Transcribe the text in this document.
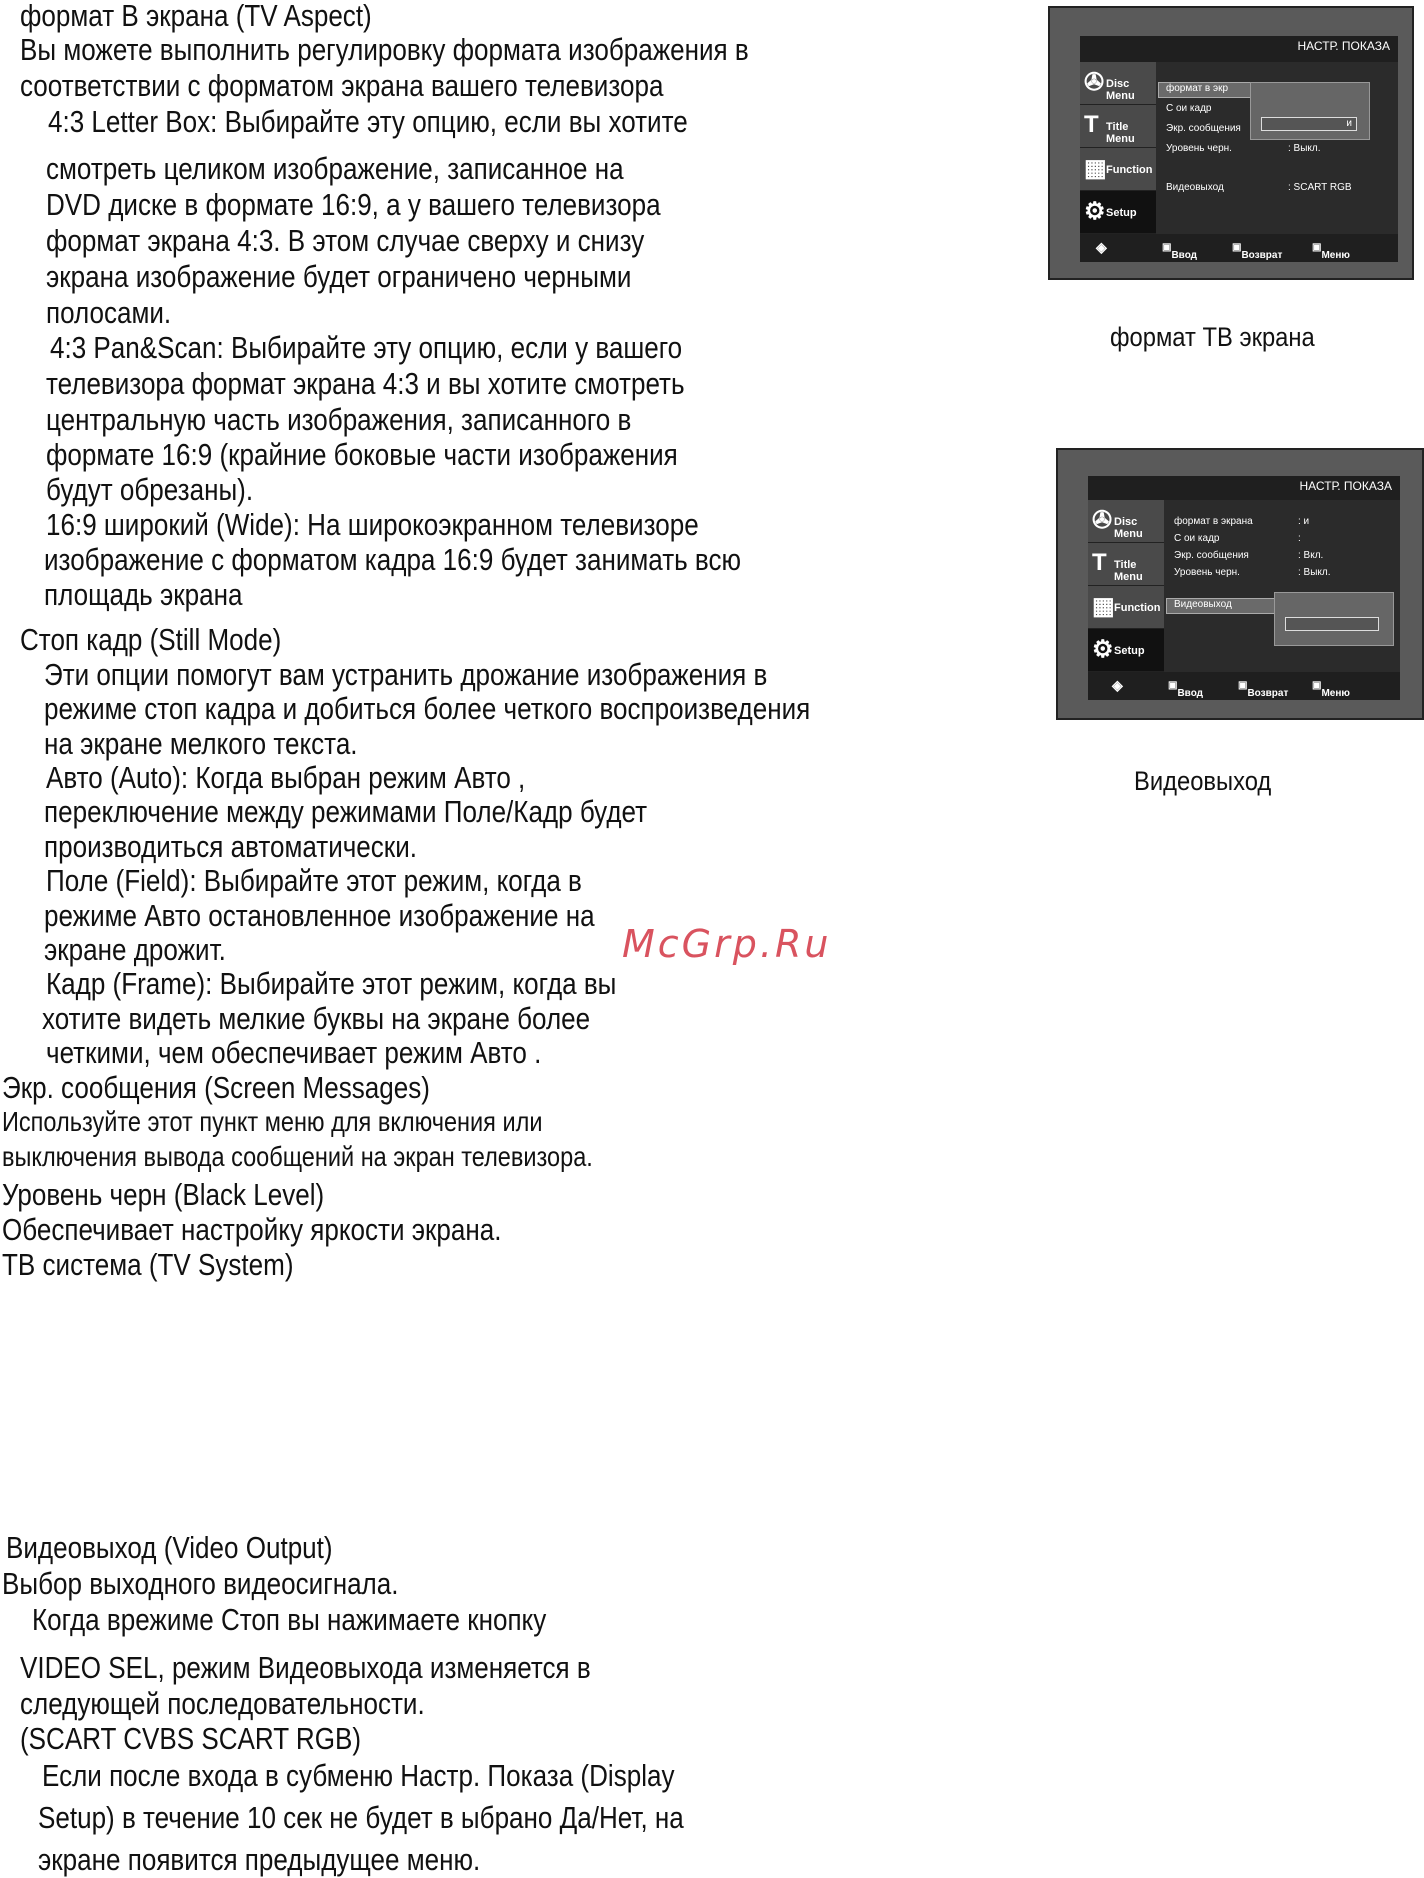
формат В экрана (TV Aspect)
Вы можете выполнить регулировку формата изображения в
соответствии с форматом экрана вашего телевизора
4:3 Letter Box: Выбирайте эту опцию, если вы хотите
смотреть целиком изображение, записанное на
DVD диске в формате 16:9, а у вашего телевизора
формат экрана 4:3. В этом случае сверху и снизу
экрана изображение будет ограничено черными
полосами.
4:3 Pan&Scan: Выбирайте эту опцию, если у вашего
телевизора формат экрана 4:3 и вы хотите смотреть
центральную часть изображения, записанного в
формате 16:9 (крайние боковые части изображения
будут обрезаны).
16:9 широкий (Wide): На широкоэкранном телевизоре
изображение с форматом кадра 16:9 будет занимать всю
площадь экрана
Стоп кадр (Still Mode)
Эти опции помогут вам устранить дрожание изображения в
режиме стоп кадра и добиться более четкого воспроизведения
на экране мелкого текста.
Авто (Auto): Когда выбран режим Авто ,
переключение между режимами Поле/Кадр будет
производиться автоматически.
Поле (Field): Выбирайте этот режим, когда в
режиме Авто остановленное изображение на
экране дрожит.
Кадр (Frame): Выбирайте этот режим, когда вы
хотите видеть мелкие буквы на экране более
четкими, чем обеспечивает режим Авто .
Экр. сообщения (Screen Messages)
Используйте этот пункт меню для включения или
выключения вывода сообщений на экран телевизора.
Уровень черн (Black Level)
Обеспечивает настройку яркости экрана.
ТВ система (TV System)
Видеовыход (Video Output)
Выбор выходного видеосигнала.
Когда врежиме Стоп вы нажимаете кнопку
VIDEO SEL, режим Видеовыхода изменяется в
следующей последовательности.
(SCART CVBS SCART RGB)
Если после входа в субменю Настр. Показа (Display
Setup) в течение 10 сек не будет в ыбрано Да/Нет, на
экране появится предыдущее меню.
McGrp.Ru
НАСТР. ПОКАЗА
✇ Disc Menu
T Title Menu
▦ Function
⚙ Setup
формат в экр
С ои кадр
Экр. сообщения
Уровень черн.	: Выкл.
Видеовыход	: SCART RGB
и
◈	▣
Ввод
▣
Возврат
▣
Меню
формат ТВ экрана
НАСТР. ПОКАЗА
✇ Disc Menu
T Title Menu
▦ Function
⚙ Setup
формат в экрана	: и
С ои кадр	:
Экр. сообщения	: Вкл.
Уровень черн.	: Выкл.
Видеовыход
◈	▣
Ввод
▣
Возврат
▣
Меню
Видеовыход
